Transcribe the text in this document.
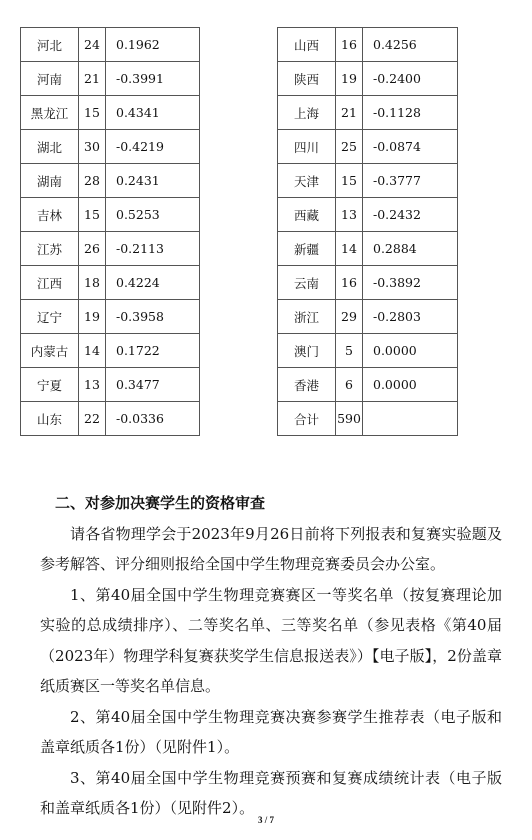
河北	24	0.1962
河南	21	-0.3991
黑龙江	15	0.4341
湖北	30	-0.4219
湖南	28	0.2431
吉林	15	0.5253
江苏	26	-0.2113
江西	18	0.4224
辽宁	19	-0.3958
内蒙古	14	0.1722
宁夏	13	0.3477
山东	22	-0.0336
山西	16	0.4256
陕西	19	-0.2400
上海	21	-0.1128
四川	25	-0.0874
天津	15	-0.3777
西藏	13	-0.2432
新疆	14	0.2884
云南	16	-0.3892
浙江	29	-0.2803
澳门	5	0.0000
香港	6	0.0000
合计	590	
二、对参加决赛学生的资格审查

请各省物理学会于2023年9月26日前将下列报表和复赛实验题及参考解答、评分细则报给全国中学生物理竞赛委员会办公室。

1、第40届全国中学生物理竞赛赛区一等奖名单（按复赛理论加实验的总成绩排序）、二等奖名单、三等奖名单（参见表格《第40届（2023年）物理学科复赛获奖学生信息报送表》）【电子版】，2份盖章纸质赛区一等奖名单信息。

2、第40届全国中学生物理竞赛决赛参赛学生推荐表（电子版和盖章纸质各1份）（见附件1）。

3、第40届全国中学生物理竞赛预赛和复赛成绩统计表（电子版和盖章纸质各1份）（见附件2）。

3 / 7
